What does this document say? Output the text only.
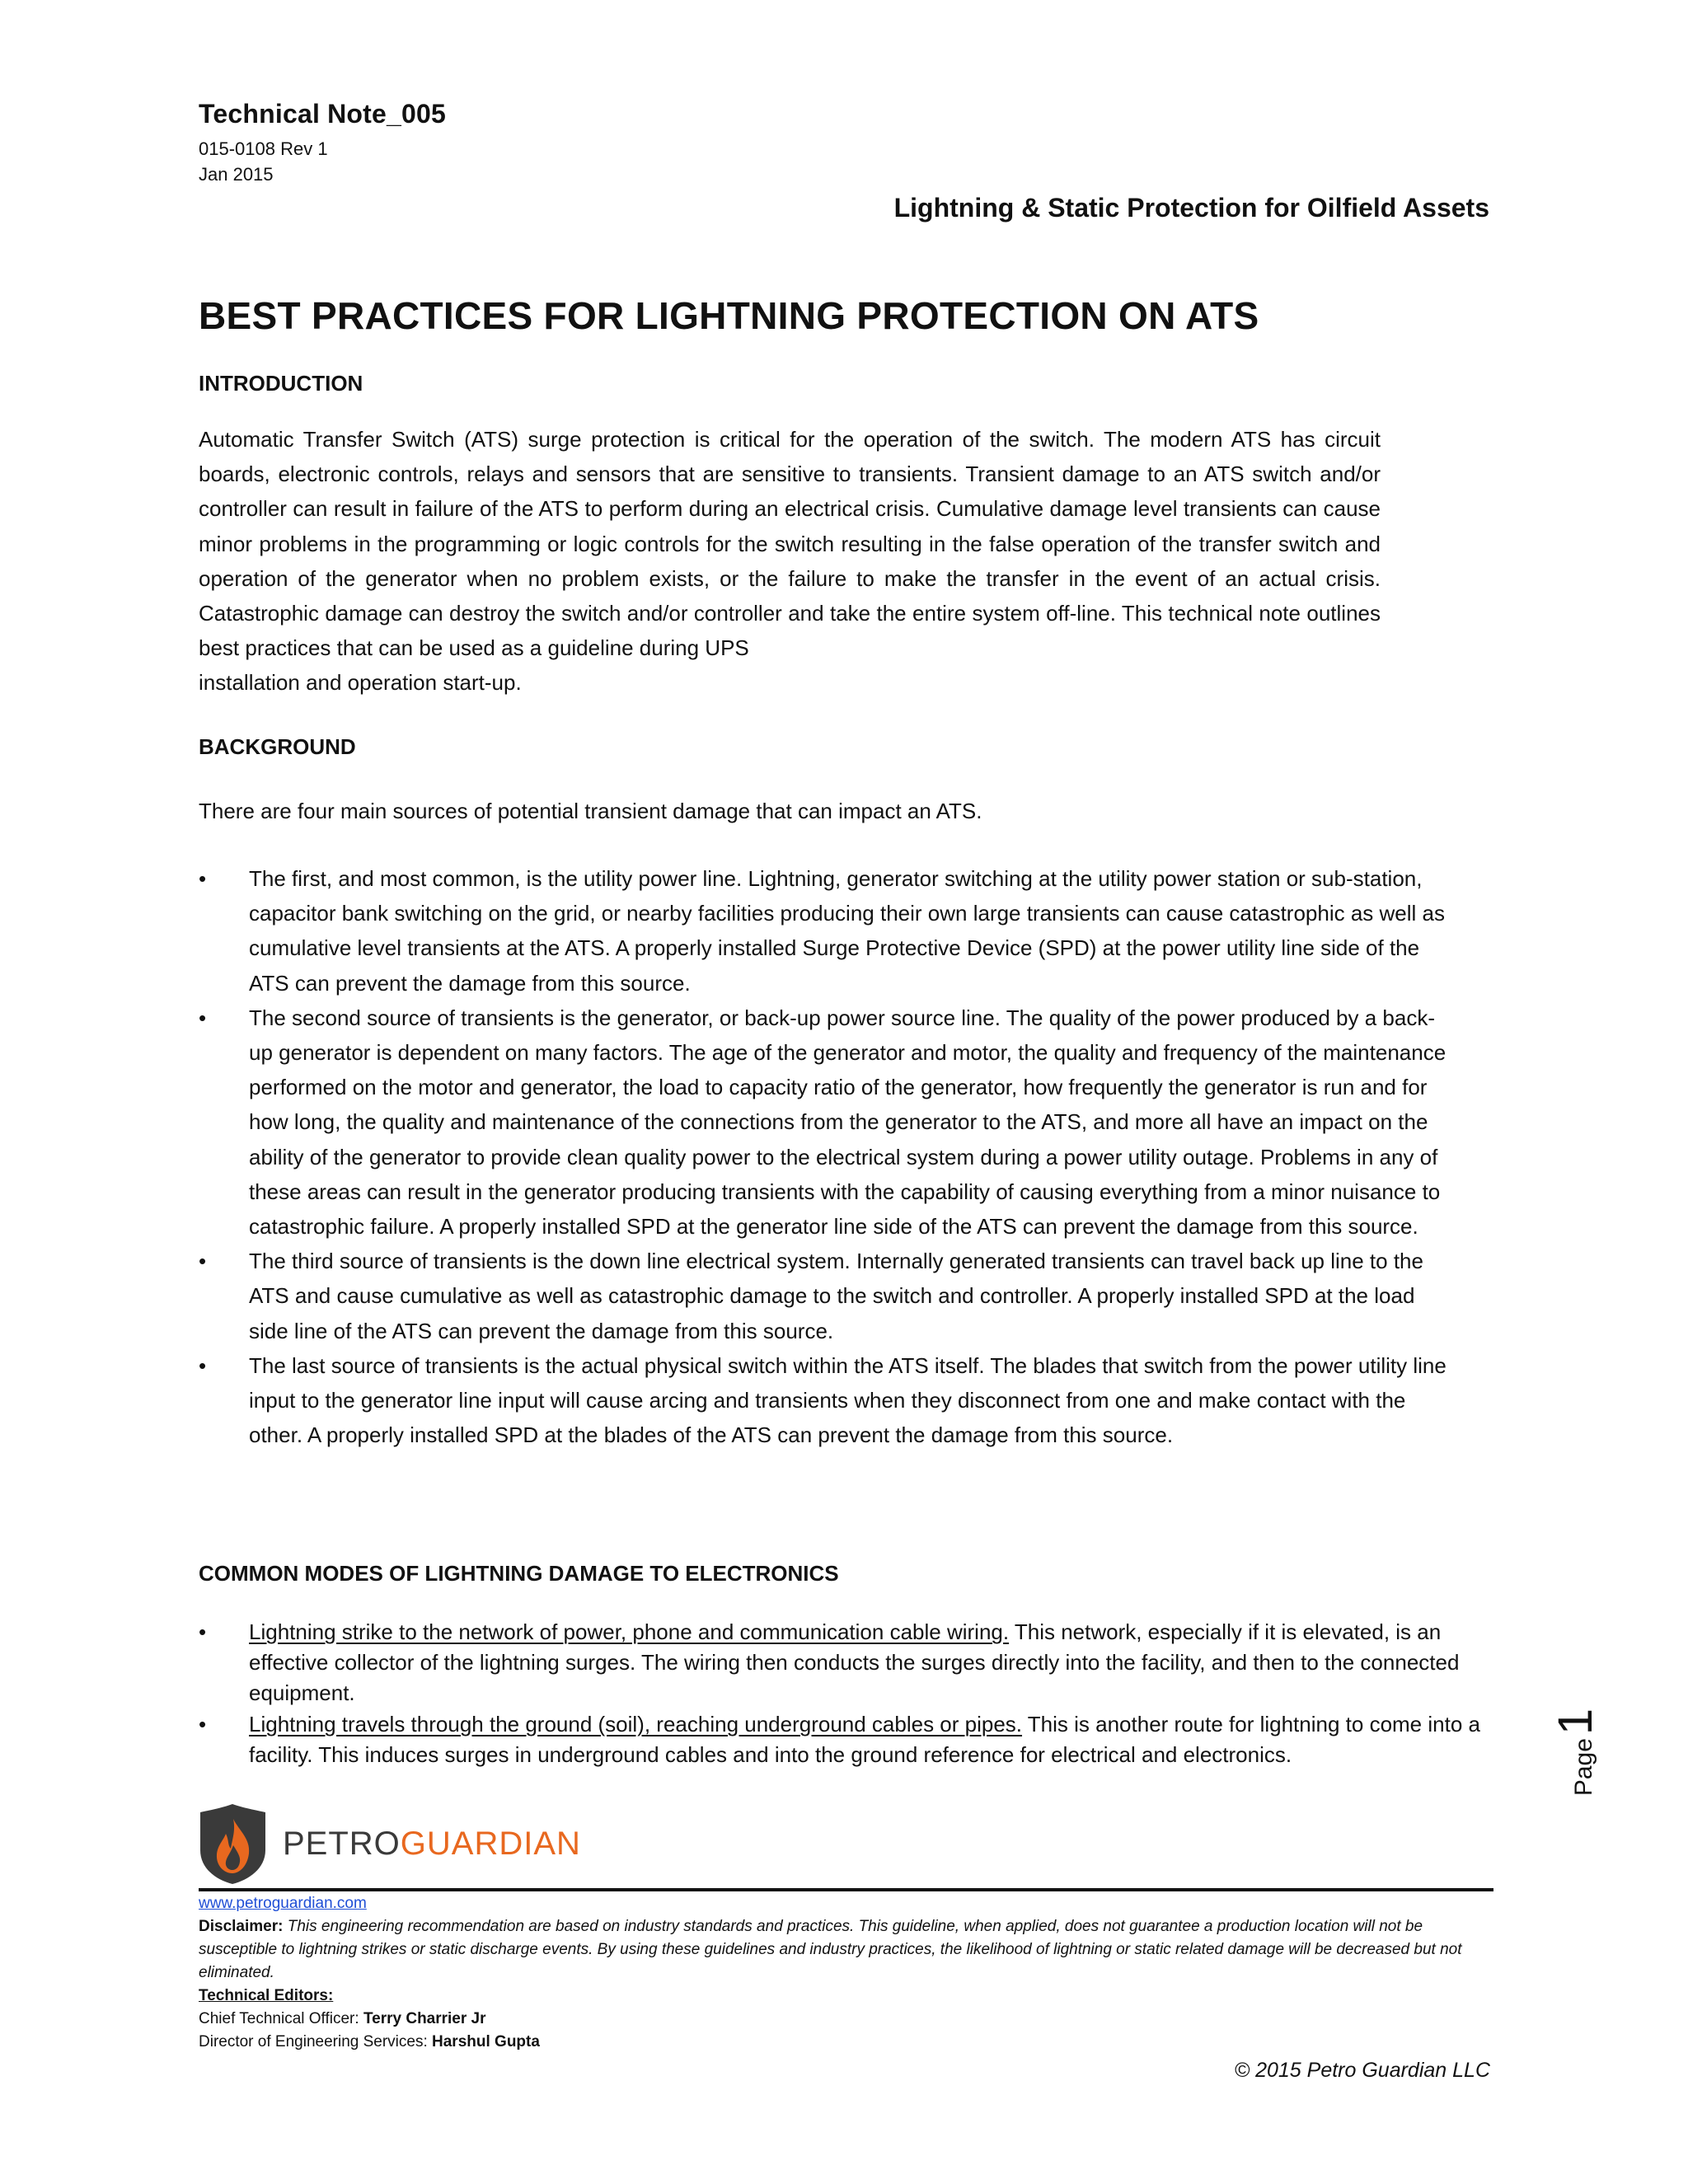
Technical Note_005
015-0108 Rev 1
Jan 2015
Lightning & Static Protection for Oilfield Assets
BEST PRACTICES FOR LIGHTNING PROTECTION ON ATS
INTRODUCTION
Automatic Transfer Switch (ATS) surge protection is critical for the operation of the switch. The modern ATS has circuit boards, electronic controls, relays and sensors that are sensitive to transients. Transient damage to an ATS switch and/or controller can result in failure of the ATS to perform during an electrical crisis. Cumulative damage level transients can cause minor problems in the programming or logic controls for the switch resulting in the false operation of the transfer switch and operation of the generator when no problem exists, or the failure to make the transfer in the event of an actual crisis. Catastrophic damage can destroy the switch and/or controller and take the entire system off-line. This technical note outlines best practices that can be used as a guideline during UPS
installation and operation start-up.
BACKGROUND
There are four main sources of potential transient damage that can impact an ATS.
•	The first, and most common, is the utility power line. Lightning, generator switching at the utility power station or sub-station, capacitor bank switching on the grid, or nearby facilities producing their own large transients can cause catastrophic as well as cumulative level transients at the ATS. A properly installed Surge Protective Device (SPD) at the power utility line side of the ATS can prevent the damage from this source.
•	The second source of transients is the generator, or back-up power source line. The quality of the power produced by a back-up generator is dependent on many factors. The age of the generator and motor, the quality and frequency of the maintenance performed on the motor and generator, the load to capacity ratio of the generator, how frequently the generator is run and for how long, the quality and maintenance of the connections from the generator to the ATS, and more all have an impact on the ability of the generator to provide clean quality power to the electrical system during a power utility outage. Problems in any of these areas can result in the generator producing transients with the capability of causing everything from a minor nuisance to catastrophic failure. A properly installed SPD at the generator line side of the ATS can prevent the damage from this source.
•	The third source of transients is the down line electrical system. Internally generated transients can travel back up line to the ATS and cause cumulative as well as catastrophic damage to the switch and controller. A properly installed SPD at the load side line of the ATS can prevent the damage from this source.
•	The last source of transients is the actual physical switch within the ATS itself. The blades that switch from the power utility line input to the generator line input will cause arcing and transients when they disconnect from one and make contact with the other. A properly installed SPD at the blades of the ATS can prevent the damage from this source.
COMMON MODES OF LIGHTNING DAMAGE TO ELECTRONICS
•	Lightning strike to the network of power, phone and communication cable wiring. This network, especially if it is elevated, is an effective collector of the lightning surges. The wiring then conducts the surges directly into the facility, and then to the connected equipment.
•	Lightning travels through the ground (soil), reaching underground cables or pipes. This is another route for lightning to come into a facility. This induces surges in underground cables and into the ground reference for electrical and electronics.	Page
1
PETROGUARDIAN
www.petroguardian.com
Disclaimer: This engineering recommendation are based on industry standards and practices. This guideline, when applied, does not guarantee a production location will not be susceptible to lightning strikes or static discharge events. By using these guidelines and industry practices, the likelihood of lightning or static related damage will be decreased but not eliminated.
Technical Editors:
Chief Technical Officer: Terry Charrier Jr
Director of Engineering Services: Harshul Gupta
© 2015 Petro Guardian LLC
